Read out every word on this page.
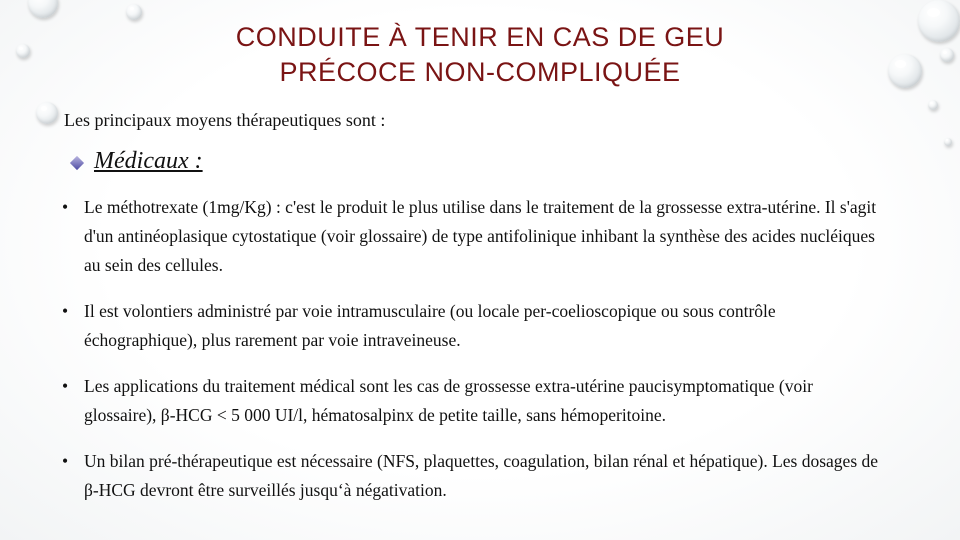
CONDUITE À TENIR EN CAS DE GEU
PRÉCOCE NON-COMPLIQUÉE
Les principaux moyens thérapeutiques sont :
Médicaux :
• Le méthotrexate (1mg/Kg) : c'est le produit le plus utilise dans le traitement de la grossesse extra-utérine. Il s'agit d'un antinéoplasique cytostatique (voir glossaire) de type antifolinique inhibant la synthèse des acides nucléiques au sein des cellules.
• Il est volontiers administré par voie intramusculaire (ou locale per-coelioscopique ou sous contrôle échographique), plus rarement par voie intraveineuse.
• Les applications du traitement médical sont les cas de grossesse extra-utérine paucisymptomatique (voir glossaire), β-HCG < 5 000 UI/l, hématosalpinx de petite taille, sans hémoperitoine.
• Un bilan pré-thérapeutique est nécessaire (NFS, plaquettes, coagulation, bilan rénal et hépatique). Les dosages de β-HCG devront être surveillés jusqu‘à négativation.
